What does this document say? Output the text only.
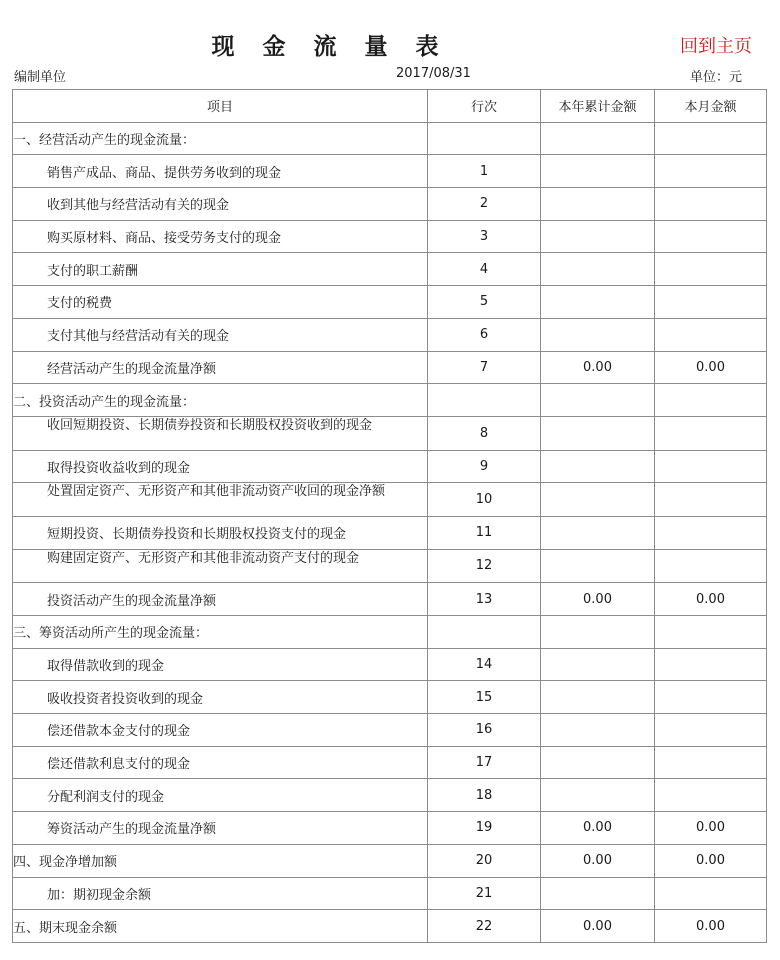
现 金 流 量 表	回到主页
编制单位	2017/08/31	单位：元
项目	行次	本年累计金额	本月金额
一、经营活动产生的现金流量：			
销售产成品、商品、提供劳务收到的现金	1		
收到其他与经营活动有关的现金	2		
购买原材料、商品、接受劳务支付的现金	3		
支付的职工薪酬	4		
支付的税费	5		
支付其他与经营活动有关的现金	6		
经营活动产生的现金流量净额	7	0.00	0.00
二、投资活动产生的现金流量：			

收回短期投资、长期债券投资和长期股权投资收到的现金	8		
取得投资收益收到的现金	9		

处置固定资产、无形资产和其他非流动资产收回的现金净额	10		
短期投资、长期债券投资和长期股权投资支付的现金	11		

购建固定资产、无形资产和其他非流动资产支付的现金	12		
投资活动产生的现金流量净额	13	0.00	0.00
三、筹资活动所产生的现金流量：			
取得借款收到的现金	14		
吸收投资者投资收到的现金	15		
偿还借款本金支付的现金	16		
偿还借款利息支付的现金	17		
分配利润支付的现金	18		
筹资活动产生的现金流量净额	19	0.00	0.00
四、现金净增加额	20	0.00	0.00
加：期初现金余额	21		
五、期末现金余额	22	0.00	0.00
